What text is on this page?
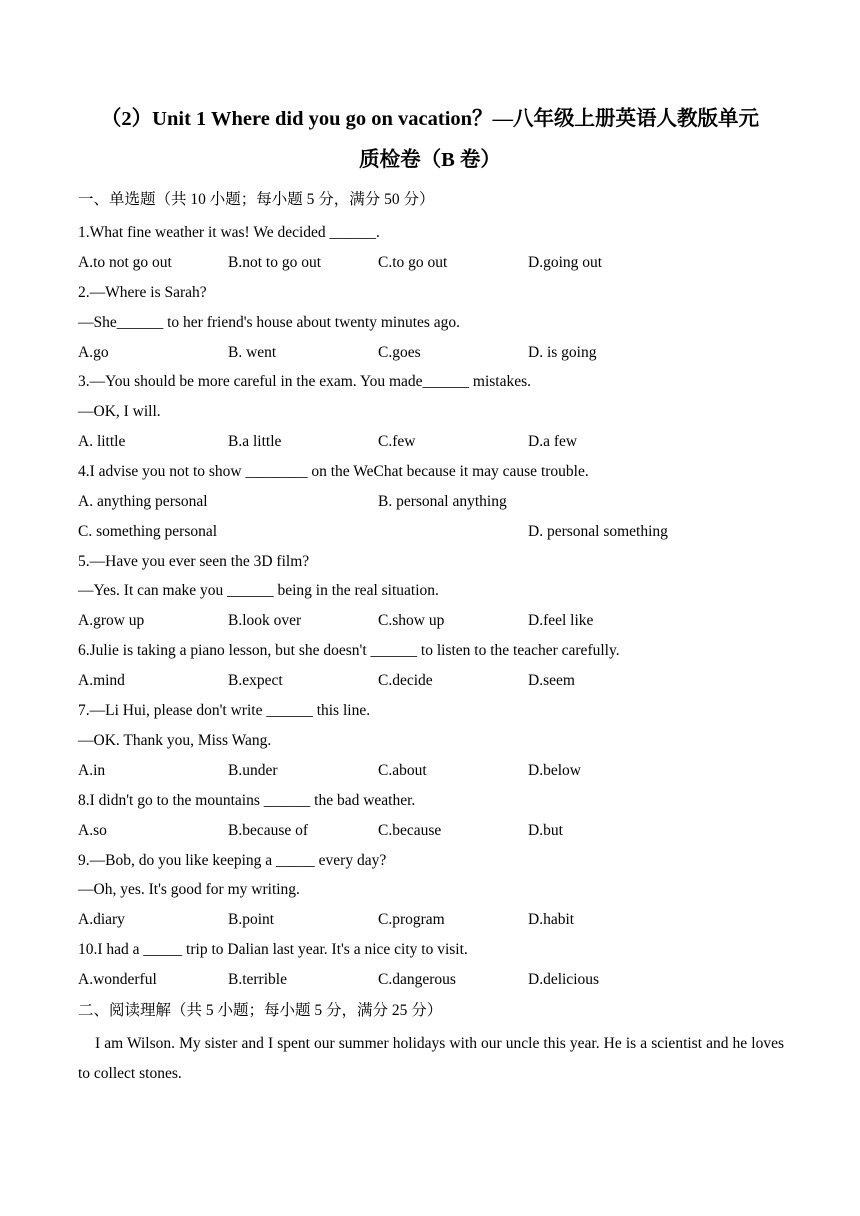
（2）Unit 1 Where did you go on vacation？—八年级上册英语人教版单元
质检卷（B 卷）
一、单选题（共 10 小题；每小题 5 分，满分 50 分）
1.What fine weather it was! We decided ______.
A.to not go out	B.not to go out	C.to go out	D.going out
2.—Where is Sarah?
—She______ to her friend's house about twenty minutes ago.
A.go	B. went	C.goes	D. is going
3.—You should be more careful in the exam. You made______ mistakes.
—OK, I will.
A. little	B.a little	C.few	D.a few
4.I advise you not to show ________ on the WeChat because it may cause trouble.
A. anything personal	B. personal anything
C. something personal	D. personal something
5.—Have you ever seen the 3D film?
—Yes. It can make you ______ being in the real situation.
A.grow up	B.look over	C.show up	D.feel like
6.Julie is taking a piano lesson, but she doesn't ______ to listen to the teacher carefully.
A.mind	B.expect	C.decide	D.seem
7.—Li Hui, please don't write ______ this line.
—OK. Thank you, Miss Wang.
A.in	B.under	C.about	D.below
8.I didn't go to the mountains ______ the bad weather.
A.so	B.because of	C.because	D.but
9.—Bob, do you like keeping a _____ every day?
—Oh, yes. It's good for my writing.
A.diary	B.point	C.program	D.habit
10.I had a _____ trip to Dalian last year. It's a nice city to visit.
A.wonderful	B.terrible	C.dangerous	D.delicious
二、阅读理解（共 5 小题；每小题 5 分，满分 25 分）
I am Wilson. My sister and I spent our summer holidays with our uncle this year. He is a scientist and he loves to collect stones.
